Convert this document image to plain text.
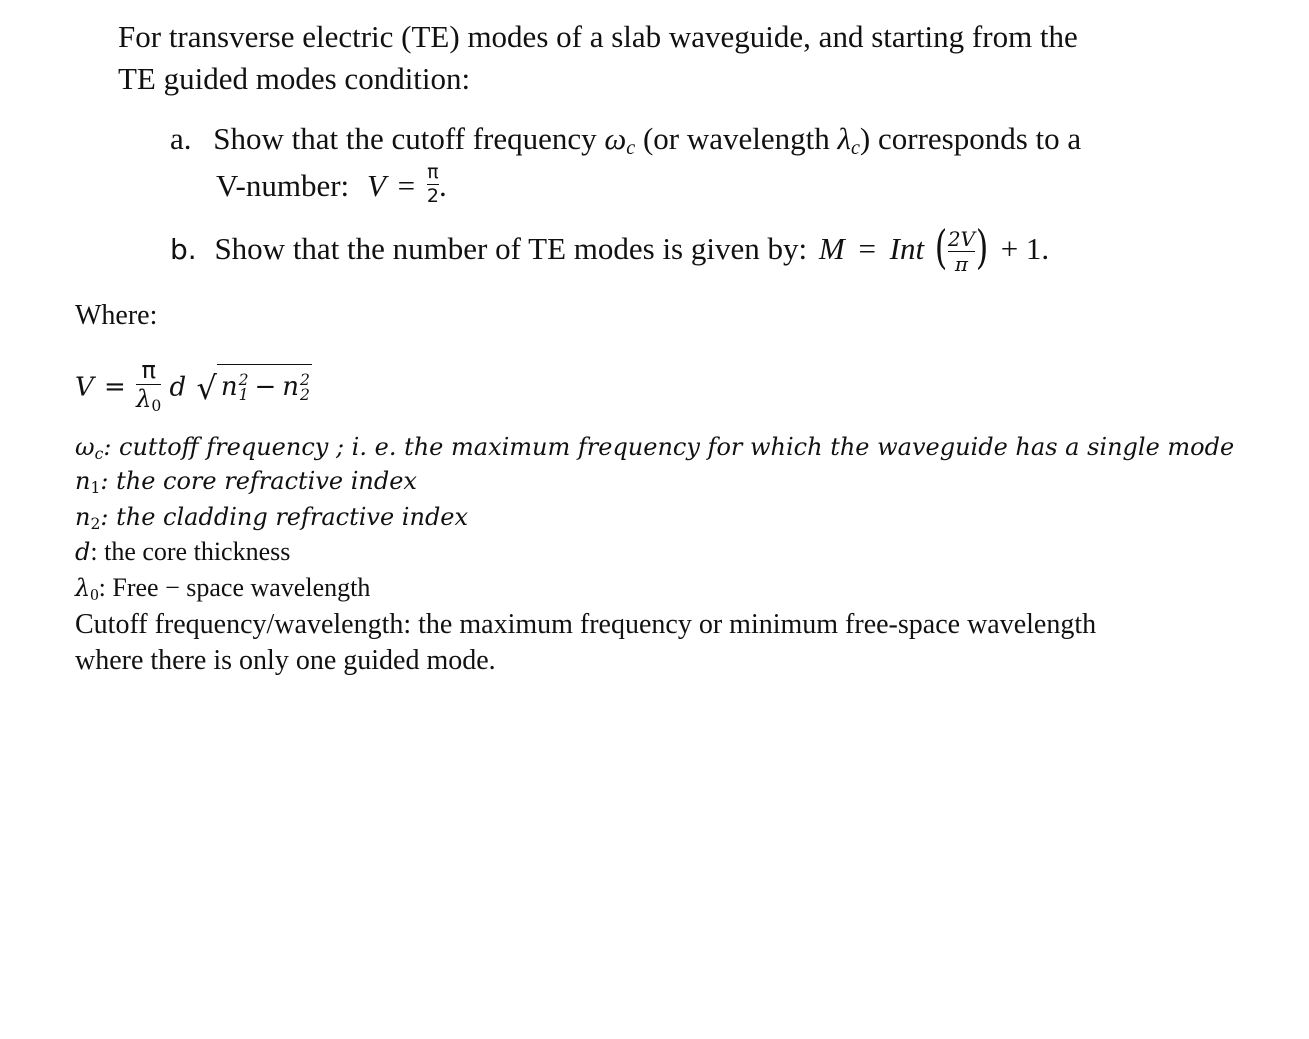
For transverse electric (TE) modes of a slab waveguide, and starting from the
TE guided modes condition:
a. Show that the cutoff frequency $\omega_c$ (or wavelength $\lambda_c$) corresponds to a
V-number: $V = \frac{\pi}{2}$ .
b. Show that the number of TE modes is given by: M = Int ( $\frac{2V}{\pi}$ ) + 1.
Where:
$V = \frac{\pi}{\lambda_0}$ d √ n 2
1 − n 2
2
$\omega_c$: cuttoff frequency ; i. e. the maximum frequency for which the waveguide has a single mode
$n_1$: the core refractive index
$n_2$: the cladding refractive index
d: the core thickness
$\lambda_0$: Free − space wavelength
Cutoff frequency/wavelength: the maximum frequency or minimum free-space wavelength
where there is only one guided mode.
